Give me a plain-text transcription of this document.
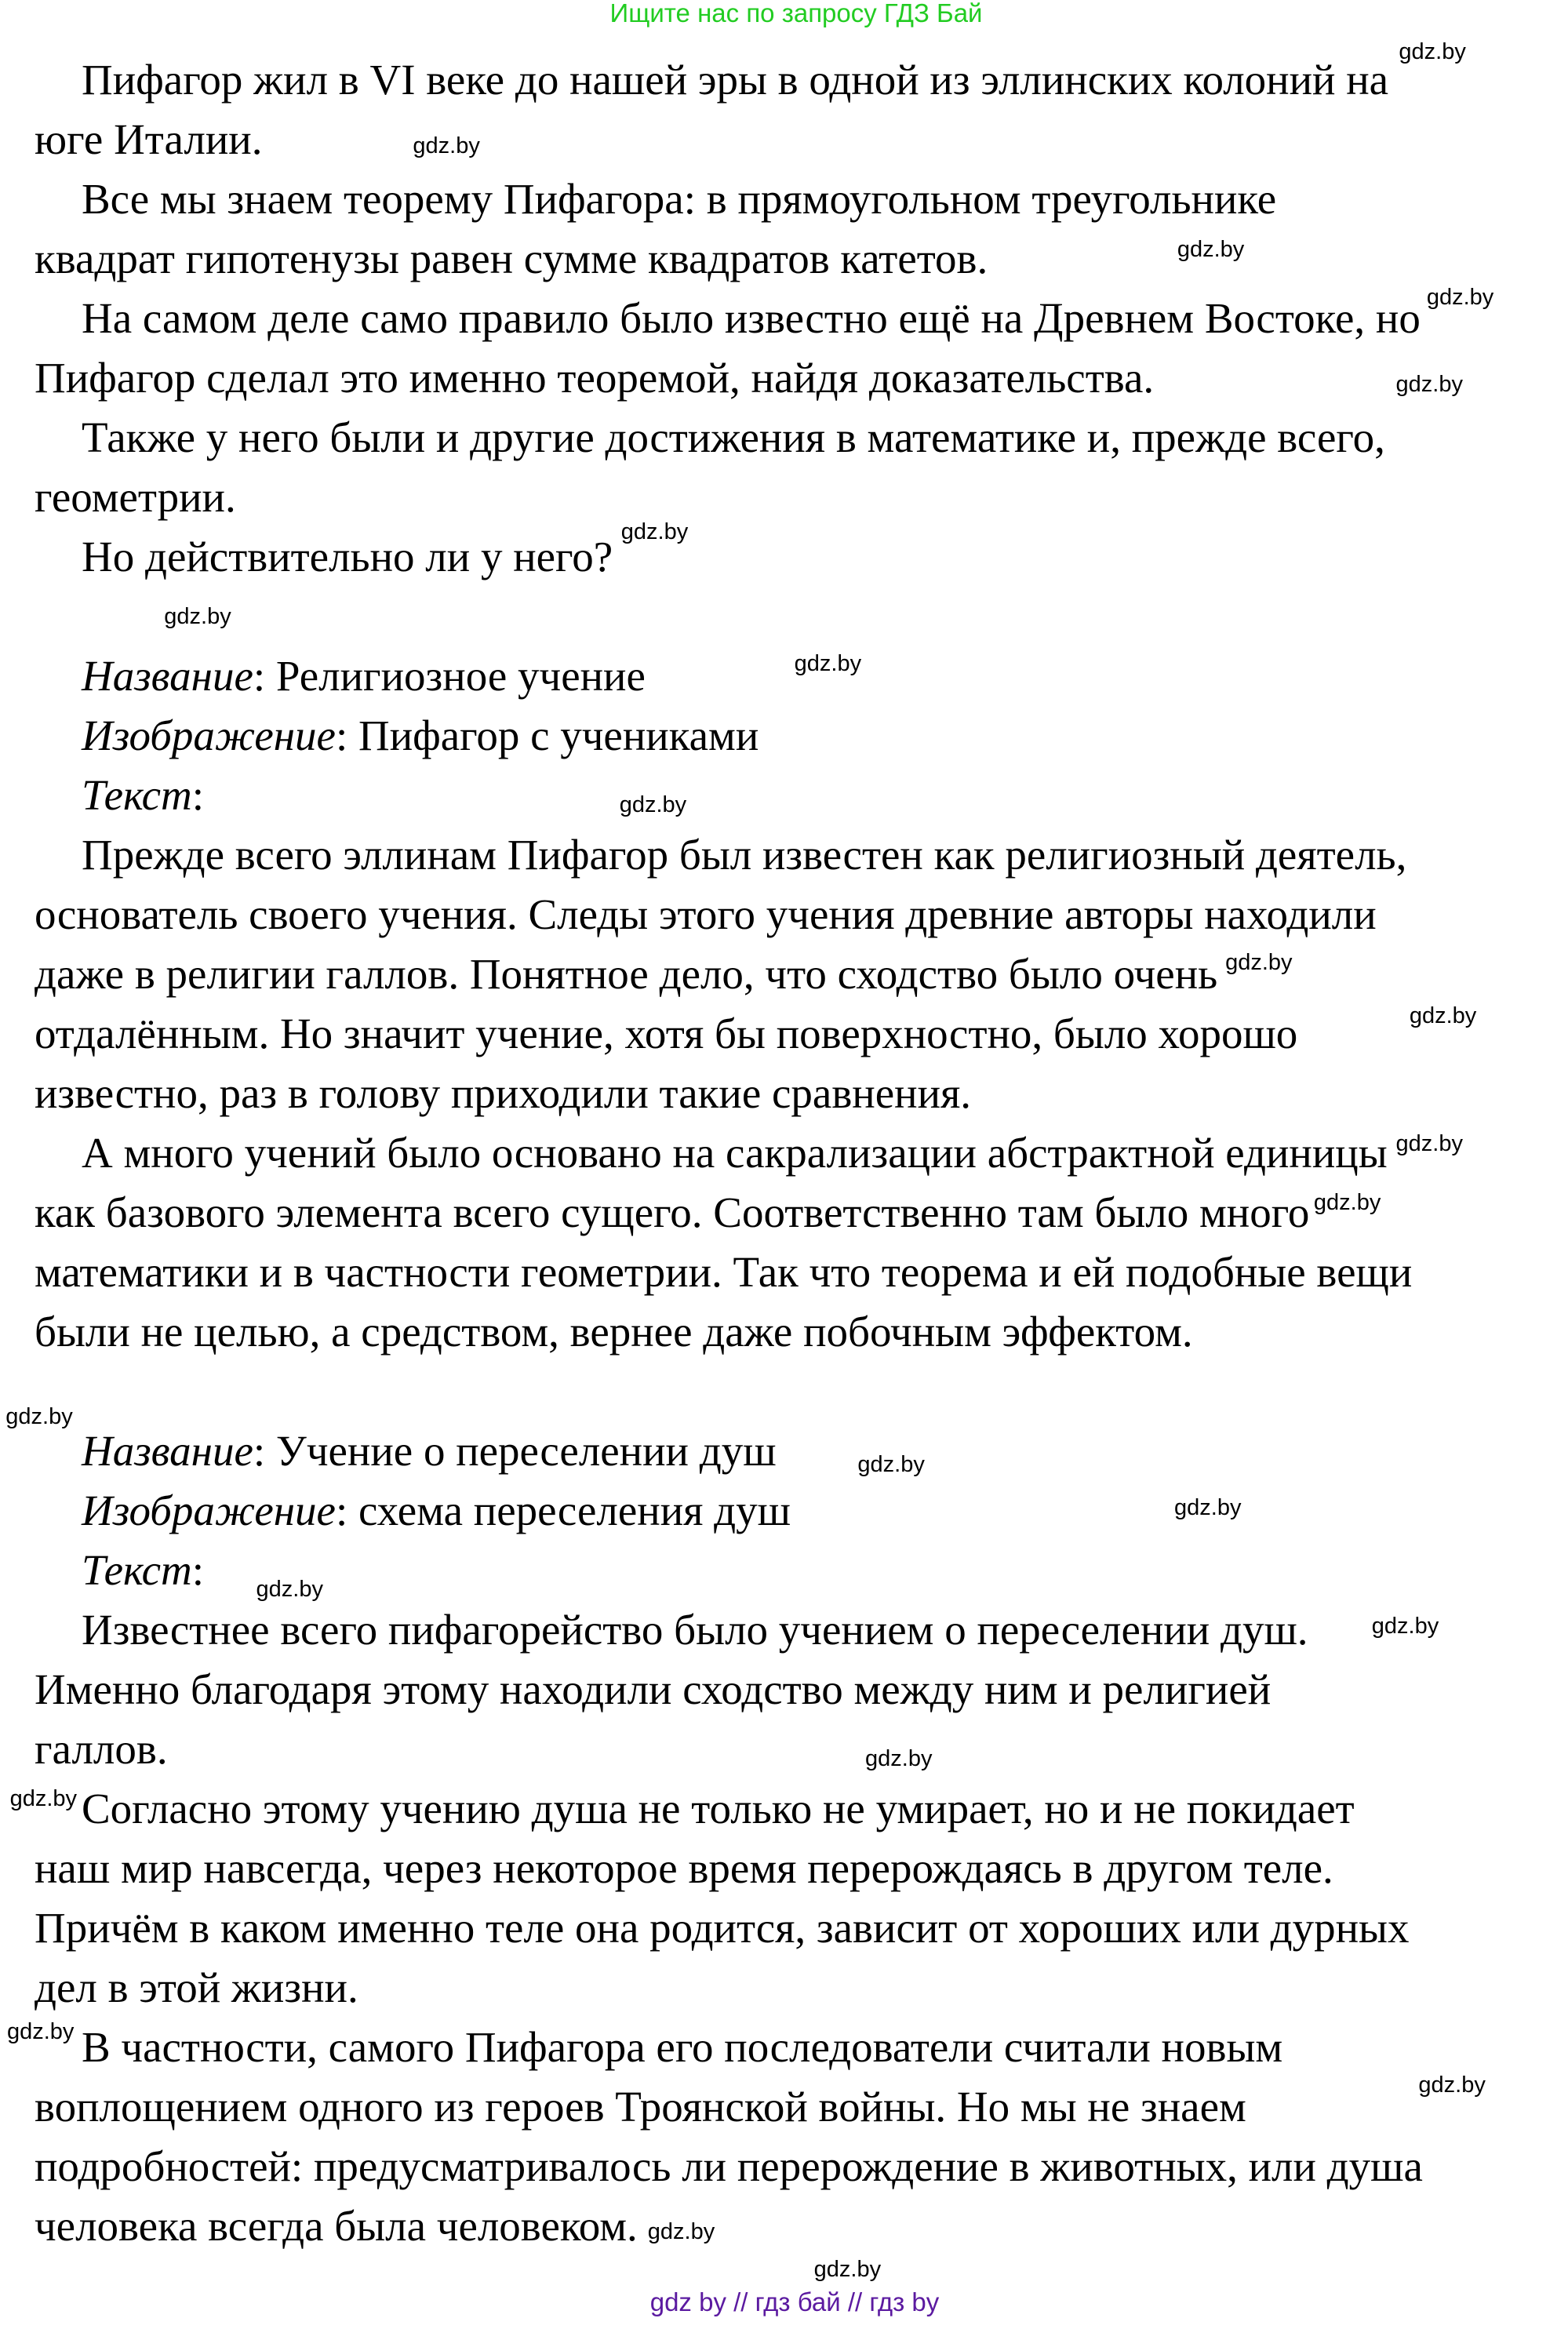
Ищите нас по запросу ГДЗ Бай
Пифагор жил в VI веке до нашей эры в одной из эллинских колоний на
юге Италии.
Все мы знаем теорему Пифагора: в прямоугольном треугольнике
квадрат гипотенузы равен сумме квадратов катетов.
На самом деле само правило было известно ещё на Древнем Востоке, но
Пифагор сделал это именно теоремой, найдя доказательства.
Также у него были и другие достижения в математике и, прежде всего,
геометрии.
Но действительно ли у него?
Название: Религиозное учение
Изображение: Пифагор с учениками
Текст:
Прежде всего эллинам Пифагор был известен как религиозный деятель,
основатель своего учения. Следы этого учения древние авторы находили
даже в религии галлов. Понятное дело, что сходство было очень
отдалённым. Но значит учение, хотя бы поверхностно, было хорошо
известно, раз в голову приходили такие сравнения.
А много учений было основано на сакрализации абстрактной единицы
как базового элемента всего сущего. Соответственно там было много
математики и в частности геометрии. Так что теорема и ей подобные вещи
были не целью, а средством, вернее даже побочным эффектом.
Название: Учение о переселении душ
Изображение: схема переселения душ
Текст:
Известнее всего пифагорейство было учением о переселении душ.
Именно благодаря этому находили сходство между ним и религией
галлов.
Согласно этому учению душа не только не умирает, но и не покидает
наш мир навсегда, через некоторое время перерождаясь в другом теле.
Причём в каком именно теле она родится, зависит от хороших или дурных
дел в этой жизни.
В частности, самого Пифагора его последователи считали новым
воплощением одного из героев Троянской войны. Но мы не знаем
подробностей: предусматривалось ли перерождение в животных, или душа
человека всегда была человеком.
gdz.by
gdz.by
gdz.by
gdz.by
gdz.by
gdz.by
gdz.by
gdz.by
gdz.by
gdz.by
gdz.by
gdz.by
gdz.by
gdz.by
gdz.by
gdz.by
gdz.by
gdz.by
gdz.by
gdz.by
gdz.by
gdz.by
gdz.by
gdz.by
gdz by // гдз бай // гдз by
